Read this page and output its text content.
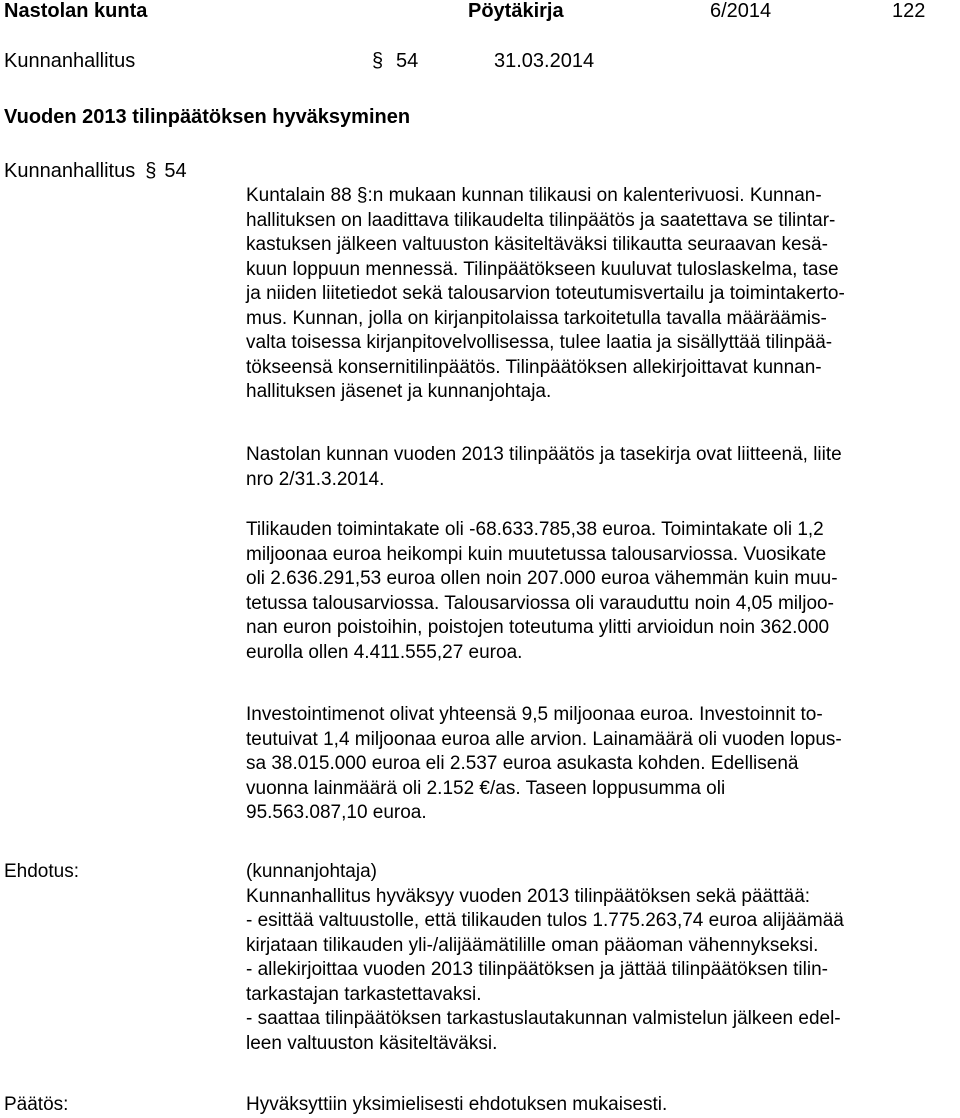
Nastolan kunta	Pöytäkirja	6/2014	122
Kunnanhallitus	§ 54	31.03.2014
Vuoden 2013 tilinpäätöksen hyväksyminen
Kunnanhallitus § 54
Kuntalain 88 §:n mukaan kunnan tilikausi on kalenterivuosi. Kunnan-
hallituksen on laadittava tilikaudelta tilinpäätös ja saatettava se tilintar-
kastuksen jälkeen valtuuston käsiteltäväksi tilikautta seuraavan kesä-
kuun loppuun mennessä. Tilinpäätökseen kuuluvat tuloslaskelma, tase
ja niiden liitetiedot sekä talousarvion toteutumisvertailu ja toimintakerto-
mus. Kunnan, jolla on kirjanpitolaissa tarkoitetulla tavalla määräämis-
valta toisessa kirjanpitovelvollisessa, tulee laatia ja sisällyttää tilinpää-
tökseensä konsernitilinpäätös. Tilinpäätöksen allekirjoittavat kunnan-
hallituksen jäsenet ja kunnanjohtaja.
Nastolan kunnan vuoden 2013 tilinpäätös ja tasekirja ovat liitteenä, liite
nro 2/31.3.2014.
Tilikauden toimintakate oli -68.633.785,38 euroa. Toimintakate oli 1,2
miljoonaa euroa heikompi kuin muutetussa talousarviossa. Vuosikate
oli 2.636.291,53 euroa ollen noin 207.000 euroa vähemmän kuin muu-
tetussa talousarviossa. Talousarviossa oli varauduttu noin 4,05 miljoo-
nan euron poistoihin, poistojen toteutuma ylitti arvioidun noin 362.000
eurolla ollen 4.411.555,27 euroa.
Investointimenot olivat yhteensä 9,5 miljoonaa euroa. Investoinnit to-
teutuivat 1,4 miljoonaa euroa alle arvion. Lainamäärä oli vuoden lopus-
sa 38.015.000 euroa eli 2.537 euroa asukasta kohden. Edellisenä
vuonna lainmäärä oli 2.152 €/as. Taseen loppusumma oli
95.563.087,10 euroa.
Ehdotus:	(kunnanjohtaja)
Kunnanhallitus hyväksyy vuoden 2013 tilinpäätöksen sekä päättää:
- esittää valtuustolle, että tilikauden tulos 1.775.263,74 euroa alijäämää
kirjataan tilikauden yli-/alijäämätilille oman pääoman vähennykseksi.
- allekirjoittaa vuoden 2013 tilinpäätöksen ja jättää tilinpäätöksen tilin-
tarkastajan tarkastettavaksi.
- saattaa tilinpäätöksen tarkastuslautakunnan valmistelun jälkeen edel-
leen valtuuston käsiteltäväksi.
Päätös:	Hyväksyttiin yksimielisesti ehdotuksen mukaisesti.
